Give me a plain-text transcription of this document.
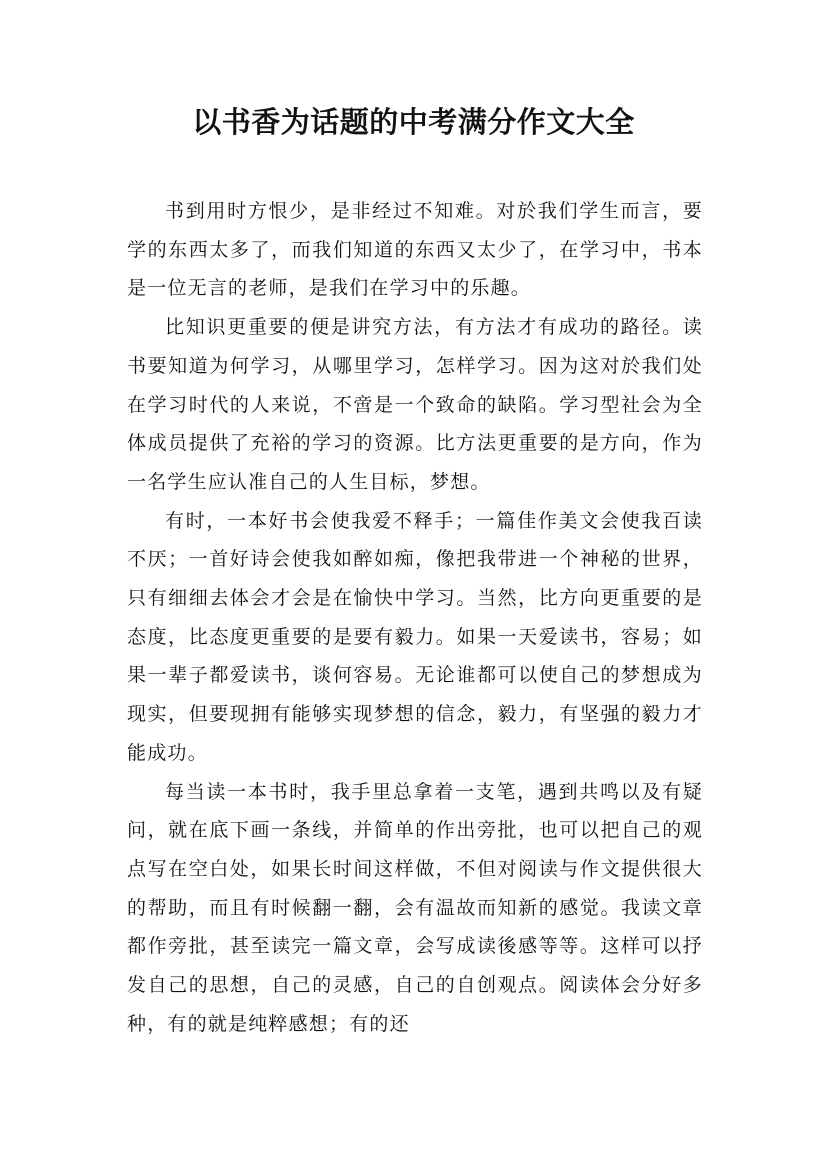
以书香为话题的中考满分作文大全

书到用时方恨少，是非经过不知难。对於我们学生而言，要学的东西太多了，而我们知道的东西又太少了，在学习中，书本是一位无言的老师，是我们在学习中的乐趣。

比知识更重要的便是讲究方法，有方法才有成功的路径。读书要知道为何学习，从哪里学习，怎样学习。因为这对於我们处在学习时代的人来说，不啻是一个致命的缺陷。学习型社会为全体成员提供了充裕的学习的资源。比方法更重要的是方向，作为一名学生应认准自己的人生目标，梦想。

有时，一本好书会使我爱不释手；一篇佳作美文会使我百读不厌；一首好诗会使我如醉如痴，像把我带进一个神秘的世界，只有细细去体会才会是在愉快中学习。当然，比方向更重要的是态度，比态度更重要的是要有毅力。如果一天爱读书，容易；如果一辈子都爱读书，谈何容易。无论谁都可以使自己的梦想成为现实，但要现拥有能够实现梦想的信念，毅力，有坚强的毅力才能成功。

每当读一本书时，我手里总拿着一支笔，遇到共鸣以及有疑问，就在底下画一条线，并简单的作出旁批，也可以把自己的观点写在空白处，如果长时间这样做，不但对阅读与作文提供很大的帮助，而且有时候翻一翻，会有温故而知新的感觉。我读文章都作旁批，甚至读完一篇文章，会写成读後感等等。这样可以抒发自己的思想，自己的灵感，自己的自创观点。阅读体会分好多种，有的就是纯粹感想；有的还
